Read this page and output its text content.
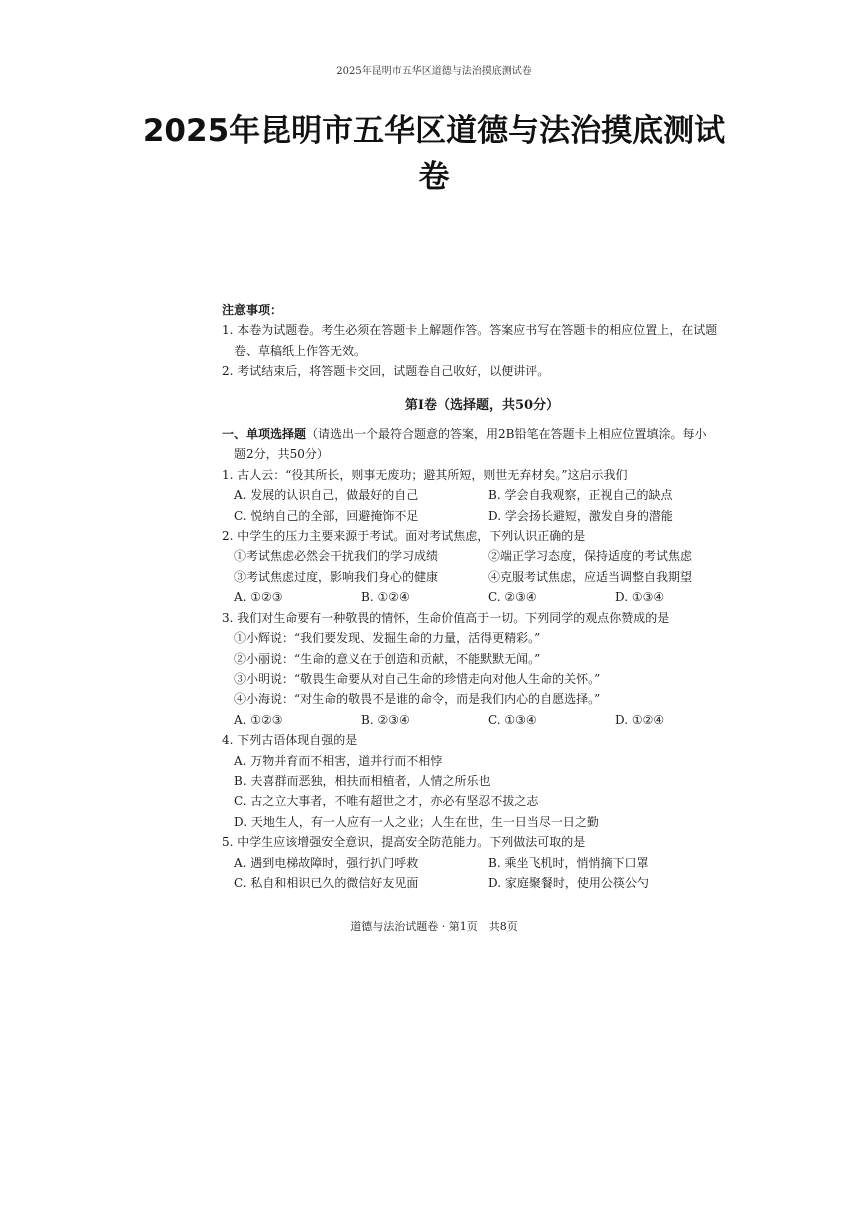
2025年昆明市五华区道德与法治摸底测试卷
2025年昆明市五华区道德与法治摸底测试
卷
注意事项：
1. 本卷为试题卷。考生必须在答题卡上解题作答。答案应书写在答题卡的相应位置上，在试题
卷、草稿纸上作答无效。
2. 考试结束后，将答题卡交回，试题卷自己收好，以便讲评。
第Ⅰ卷（选择题，共50分）
一、单项选择题（请选出一个最符合题意的答案，用2B铅笔在答题卡上相应位置填涂。每小
题2分，共50分）
1. 古人云：“役其所长，则事无废功；避其所短，则世无弃材矣。”这启示我们
A. 发展的认识自己，做最好的自己	B. 学会自我观察，正视自己的缺点
C. 悦纳自己的全部，回避掩饰不足	D. 学会扬长避短，激发自身的潜能
2. 中学生的压力主要来源于考试。面对考试焦虑，下列认识正确的是
①考试焦虑必然会干扰我们的学习成绩	②端正学习态度，保持适度的考试焦虑
③考试焦虑过度，影响我们身心的健康	④克服考试焦虑，应适当调整自我期望
A. ①②③	B. ①②④	C. ②③④	D. ①③④
3. 我们对生命要有一种敬畏的情怀，生命价值高于一切。下列同学的观点你赞成的是
①小辉说：“我们要发现、发掘生命的力量，活得更精彩。”
②小丽说：“生命的意义在于创造和贡献，不能默默无闻。”
③小明说：“敬畏生命要从对自己生命的珍惜走向对他人生命的关怀。”
④小海说：“对生命的敬畏不是谁的命令，而是我们内心的自愿选择。”
A. ①②③	B. ②③④	C. ①③④	D. ①②④
4. 下列古语体现自强的是
A. 万物并育而不相害，道并行而不相悖
B. 夫喜群而恶独，相扶而相植者，人情之所乐也
C. 古之立大事者，不唯有超世之才，亦必有坚忍不拔之志
D. 天地生人，有一人应有一人之业；人生在世，生一日当尽一日之勤
5. 中学生应该增强安全意识，提高安全防范能力。下列做法可取的是
A. 遇到电梯故障时，强行扒门呼救	B. 乘坐飞机时，悄悄摘下口罩
C. 私自和相识已久的微信好友见面	D. 家庭聚餐时，使用公筷公勺
道德与法治试题卷 · 第1页　共8页
